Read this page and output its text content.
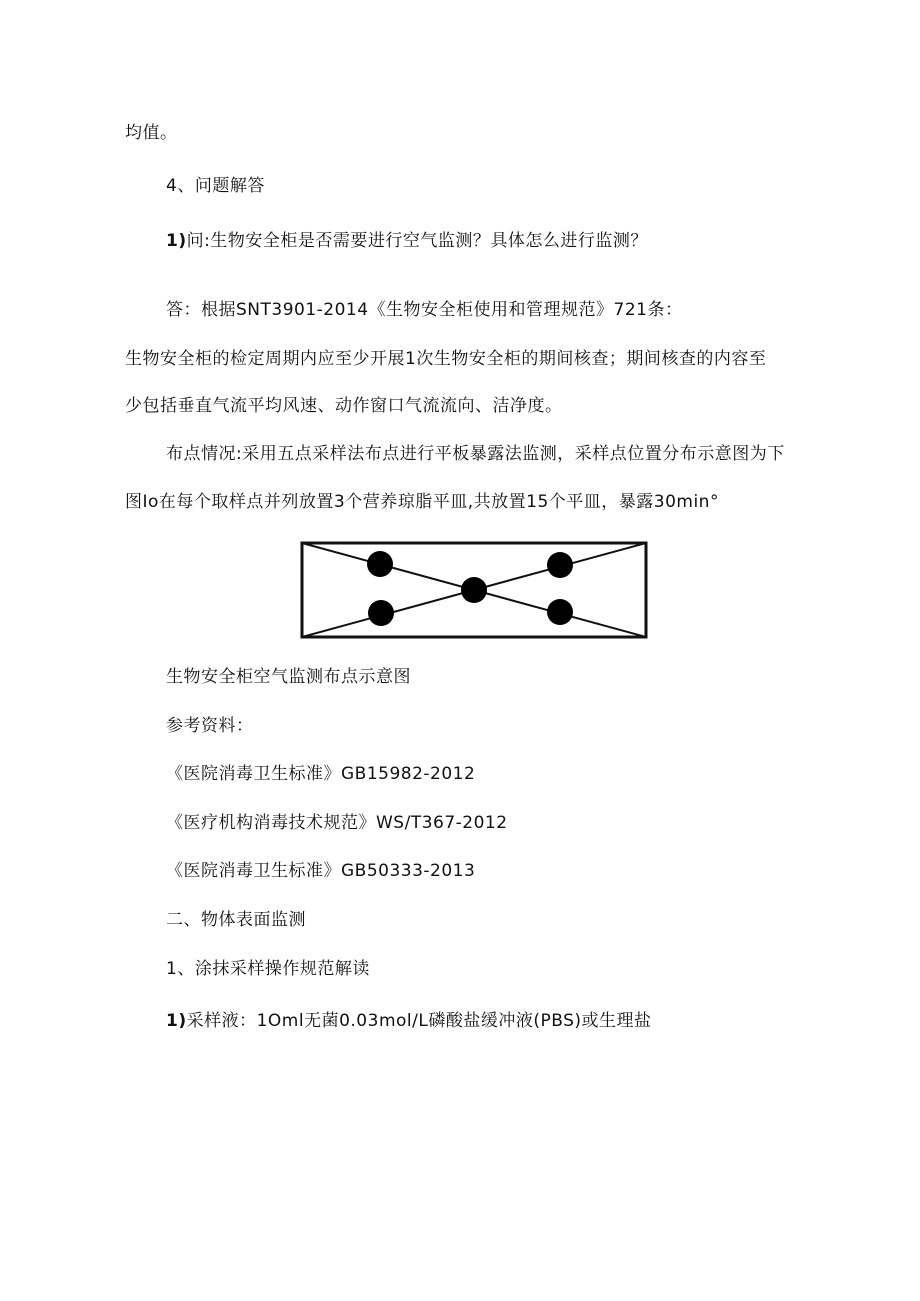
均值。
4、问题解答
1)问:生物安全柜是否需要进行空气监测？具体怎么进行监测？
答：根据SNT3901-2014《生物安全柜使用和管理规范》721条：
生物安全柜的检定周期内应至少开展1次生物安全柜的期间核查；期间核查的内容至
少包括垂直气流平均风速、动作窗口气流流向、洁净度。
布点情况:采用五点采样法布点进行平板暴露法监测，采样点位置分布示意图为下
图Io在每个取样点并列放置3个营养琼脂平皿,共放置15个平皿，暴露30min°
生物安全柜空气监测布点示意图
参考资料：
《医院消毒卫生标准》GB15982-2012
《医疗机构消毒技术规范》WS/T367-2012
《医院消毒卫生标准》GB50333-2013
二、物体表面监测
1、涂抹采样操作规范解读
1)采样液：1Oml无菌0.03mol∕L磷酸盐缓冲液(PBS)或生理盐
